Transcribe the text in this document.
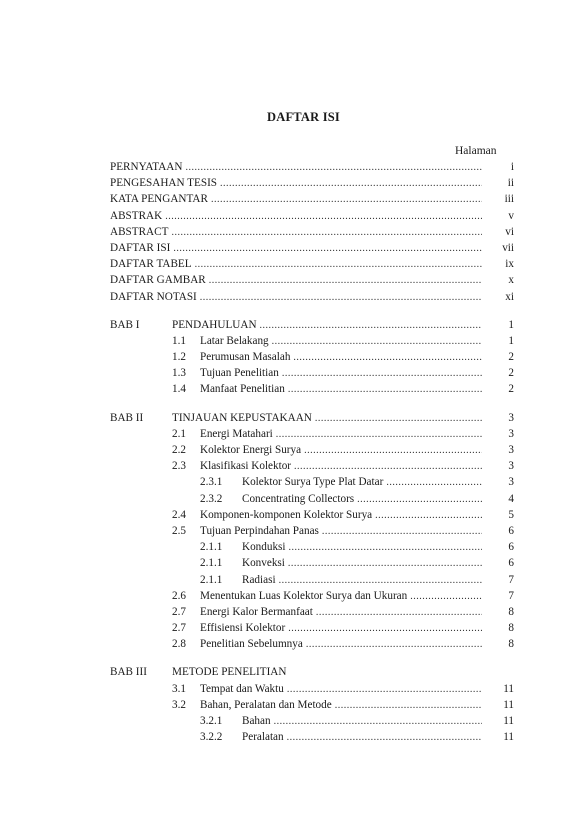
DAFTAR ISI
Halaman
PERNYATAAN .....	i
PENGESAHAN TESIS .....	ii
KATA PENGANTAR .....	iii
ABSTRAK .....	v
ABSTRACT .....	vi
DAFTAR ISI .....	vii
DAFTAR TABEL .....	ix
DAFTAR GAMBAR .....	x
DAFTAR NOTASI .....	xi
BAB I	PENDAHULUAN .....	1
1.1	Latar Belakang .....	1
1.2	Perumusan Masalah .....	2
1.3	Tujuan Penelitian .....	2
1.4	Manfaat Penelitian .....	2
BAB II	TINJAUAN KEPUSTAKAAN .....	3
2.1	Energi Matahari .....	3
2.2	Kolektor Energi Surya .....	3
2.3	Klasifikasi Kolektor .....	3
2.3.1	Kolektor Surya Type Plat Datar .....	3
2.3.2	Concentrating Collectors .....	4
2.4	Komponen-komponen Kolektor Surya .....	5
2.5	Tujuan Perpindahan Panas .....	6
2.1.1	Konduksi .....	6
2.1.1	Konveksi .....	6
2.1.1	Radiasi .....	7
2.6	Menentukan Luas Kolektor Surya dan Ukuran .....	7
2.7	Energi Kalor Bermanfaat .....	8
2.7	Effisiensi Kolektor .....	8
2.8	Penelitian Sebelumnya .....	8
BAB III	METODE PENELITIAN
3.1	Tempat dan Waktu .....	11
3.2	Bahan, Peralatan dan Metode .....	11
3.2.1	Bahan .....	11
3.2.2	Peralatan .....	11
